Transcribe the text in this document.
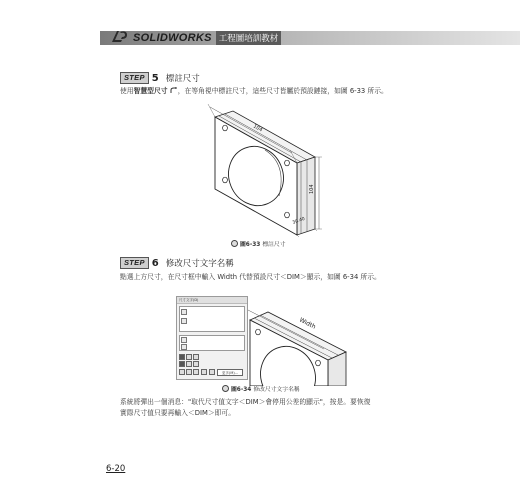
SOLIDWORKS 工程圖培訓教材
STEP 5 標註尺寸
使用智慧型尺寸 ，在等角視中標註尺寸，這些尺寸皆屬於預設鏈接，如圖 6-33 所示。
104
104
30.40
圖6-33 標註尺寸
STEP 6 修改尺寸文字名稱
點選上方尺寸，在尺寸框中輸入 Width 代替預設尺寸＜DIM＞顯示，如圖 6-34 所示。
尺寸文字(D)
更多(M)...
Width
圖6-34 修改尺寸文字名稱
系統將彈出一個消息："取代尺寸值文字＜DIM＞會停用公差的顯示"，按是。要恢復
實際尺寸值只要再輸入＜DIM＞即可。
6-20
